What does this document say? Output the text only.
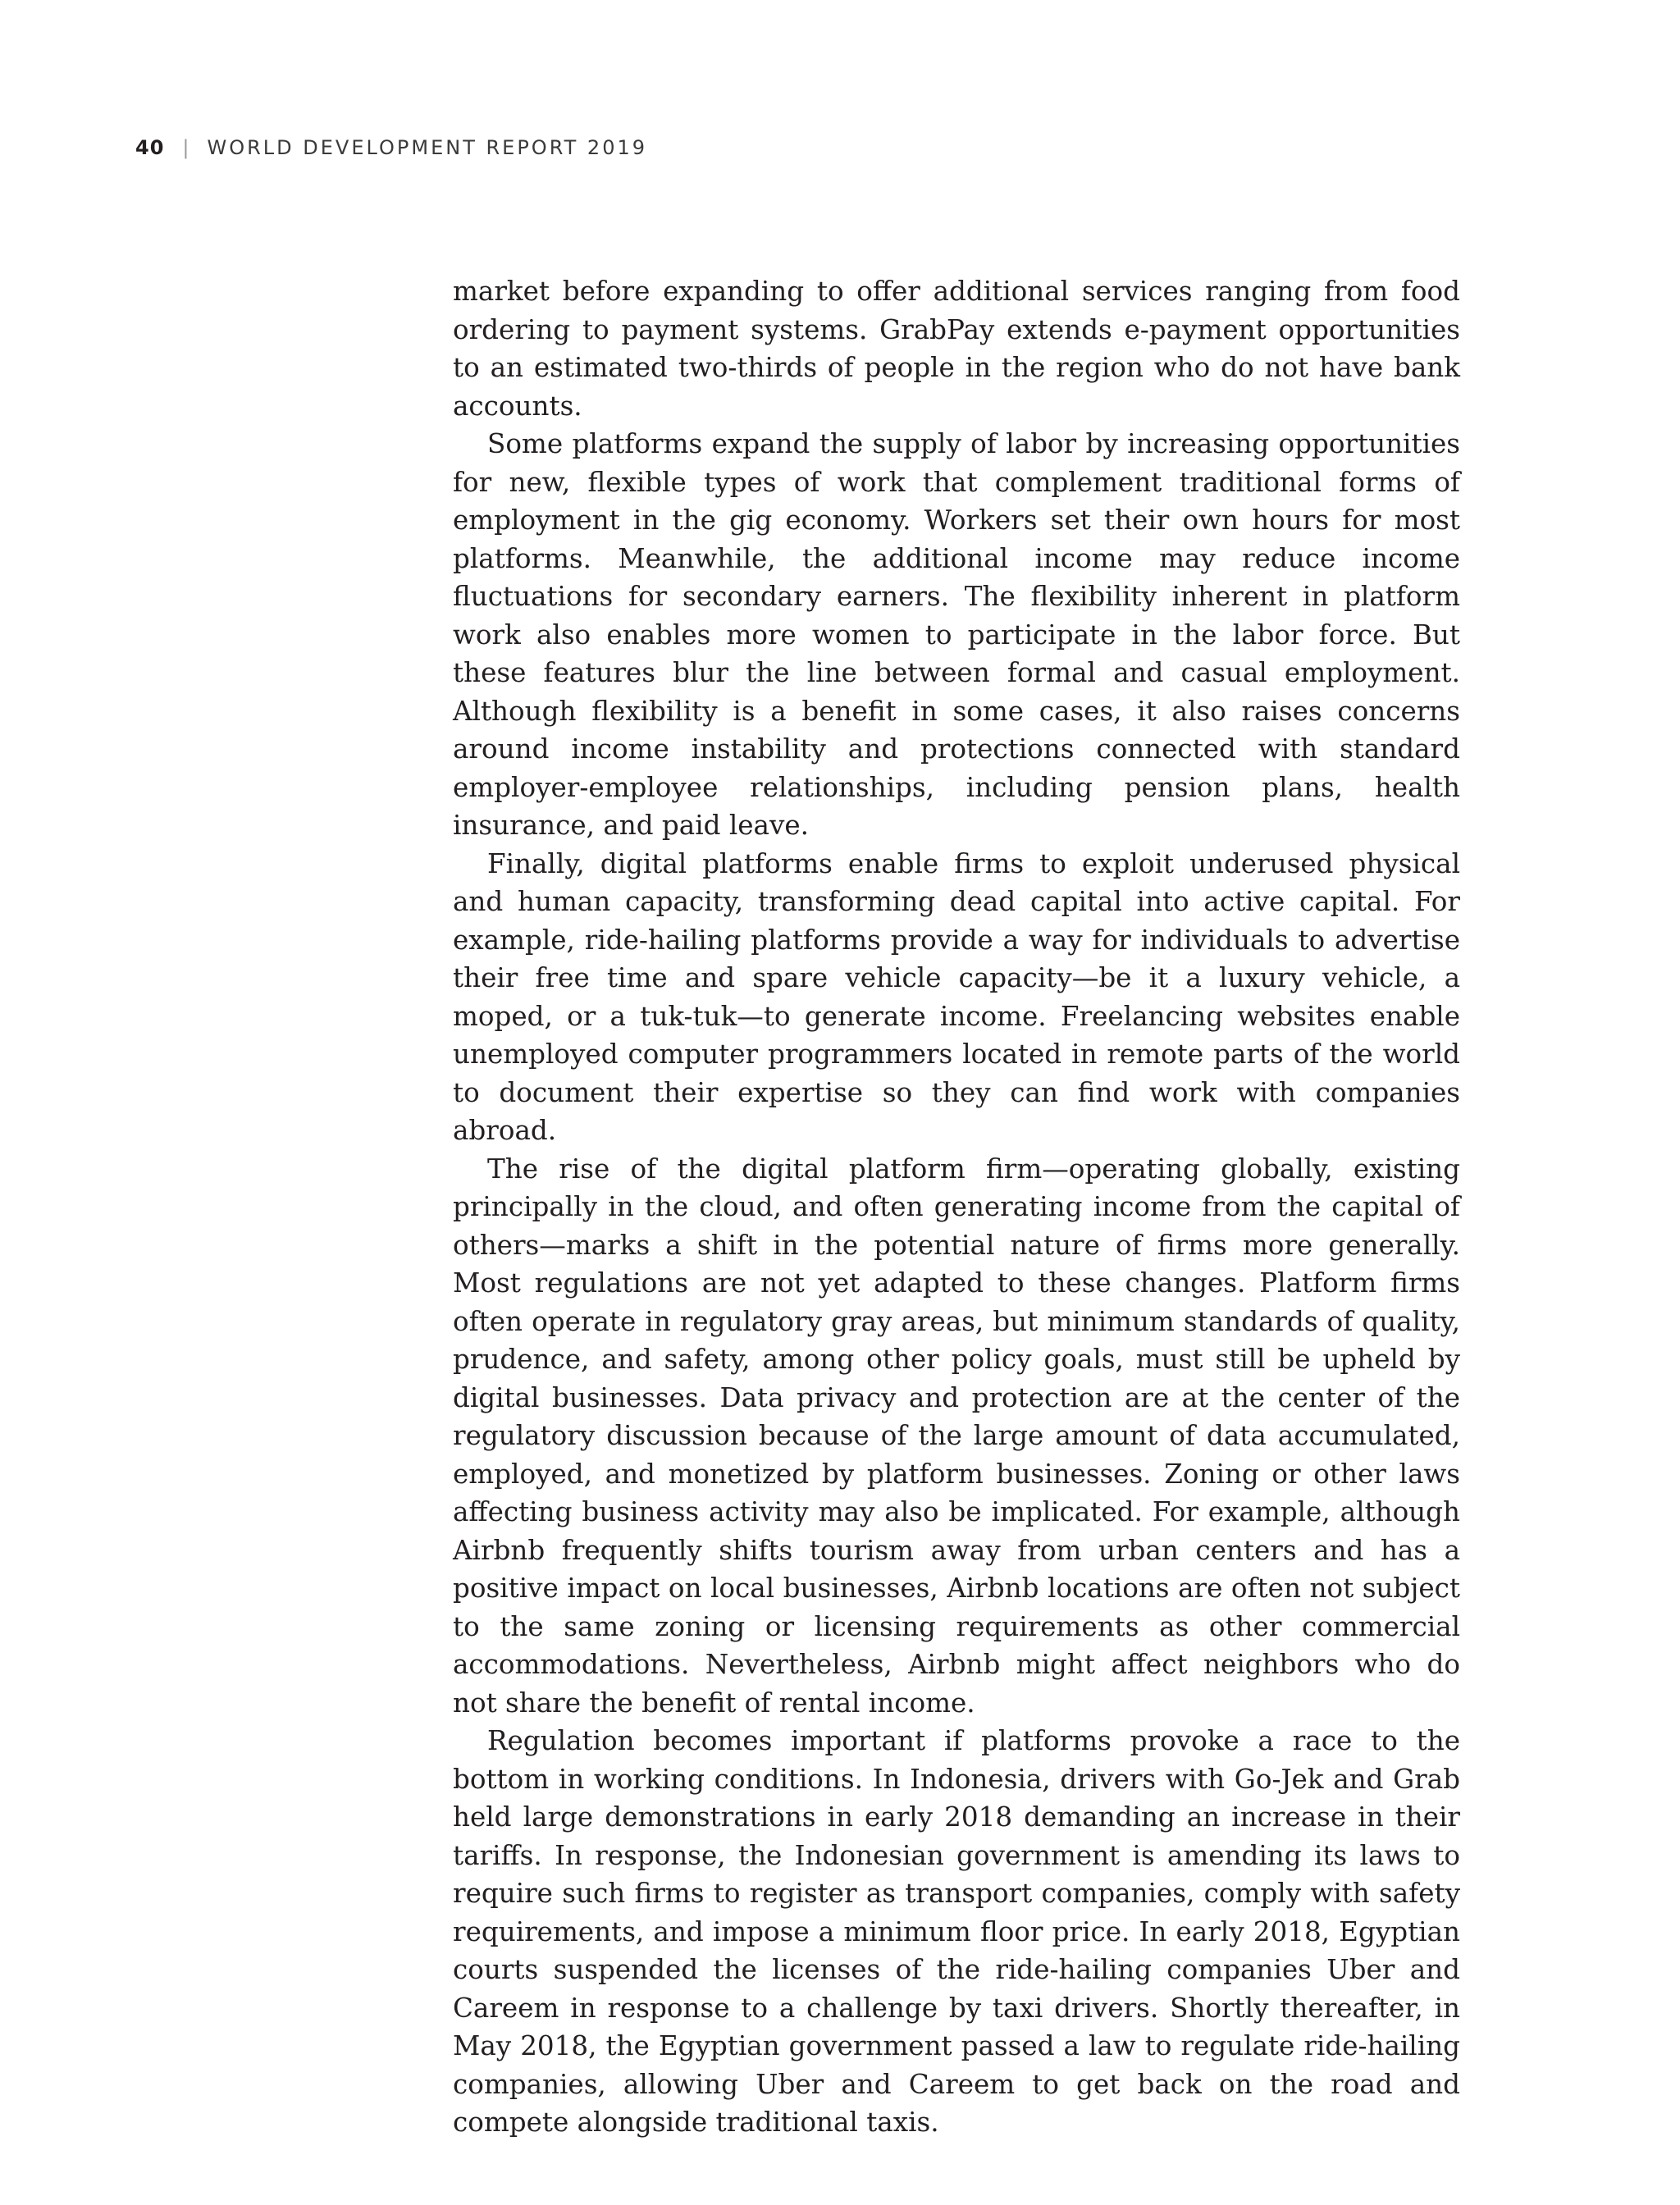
40 | WORLD DEVELOPMENT REPORT 2019

market before expanding to offer additional services ranging from food ordering to payment systems. GrabPay extends e-payment opportunities to an estimated two-thirds of people in the region who do not have bank accounts.

Some platforms expand the supply of labor by increasing opportunities for new, flexible types of work that complement traditional forms of employment in the gig economy. Workers set their own hours for most platforms. Meanwhile, the additional income may reduce income fluctuations for secondary earners. The flexibility inherent in platform work also enables more women to participate in the labor force. But these features blur the line between formal and casual employment. Although flexibility is a benefit in some cases, it also raises concerns around income instability and protections connected with standard employer-employee relationships, including pension plans, health insurance, and paid leave.

Finally, digital platforms enable firms to exploit underused physical and human capacity, transforming dead capital into active capital. For example, ride-hailing platforms provide a way for individuals to advertise their free time and spare vehicle capacity—be it a luxury vehicle, a moped, or a tuk-tuk—to generate income. Freelancing websites enable unemployed computer programmers located in remote parts of the world to document their expertise so they can find work with companies abroad.

The rise of the digital platform firm—operating globally, existing principally in the cloud, and often generating income from the capital of others—marks a shift in the potential nature of firms more generally. Most regulations are not yet adapted to these changes. Platform firms often operate in regulatory gray areas, but minimum standards of quality, prudence, and safety, among other policy goals, must still be upheld by digital businesses. Data privacy and protection are at the center of the regulatory discussion because of the large amount of data accumulated, employed, and monetized by platform businesses. Zoning or other laws affecting business activity may also be implicated. For example, although Airbnb frequently shifts tourism away from urban centers and has a positive impact on local businesses, Airbnb locations are often not subject to the same zoning or licensing requirements as other commercial accommodations. Nevertheless, Airbnb might affect neighbors who do not share the benefit of rental income.

Regulation becomes important if platforms provoke a race to the bottom in working conditions. In Indonesia, drivers with Go-Jek and Grab held large demonstrations in early 2018 demanding an increase in their tariffs. In response, the Indonesian government is amending its laws to require such firms to register as transport companies, comply with safety requirements, and impose a minimum floor price. In early 2018, Egyptian courts suspended the licenses of the ride-hailing companies Uber and Careem in response to a challenge by taxi drivers. Shortly thereafter, in May 2018, the Egyptian government passed a law to regulate ride-hailing companies, allowing Uber and Careem to get back on the road and compete alongside traditional taxis.
